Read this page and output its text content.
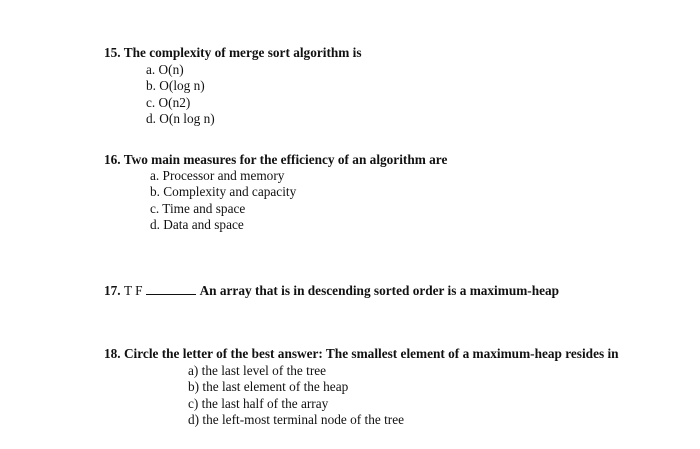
15. The complexity of merge sort algorithm is
a. O(n)
b. O(log n)
c. O(n2)
d. O(n log n)
16. Two main measures for the efficiency of an algorithm are
a. Processor and memory
b. Complexity and capacity
c. Time and space
d. Data and space
17. T F	An array that is in descending sorted order is a maximum-heap
18. Circle the letter of the best answer: The smallest element of a maximum-heap resides in
a) the last level of the tree
b) the last element of the heap
c) the last half of the array
d) the left-most terminal node of the tree
